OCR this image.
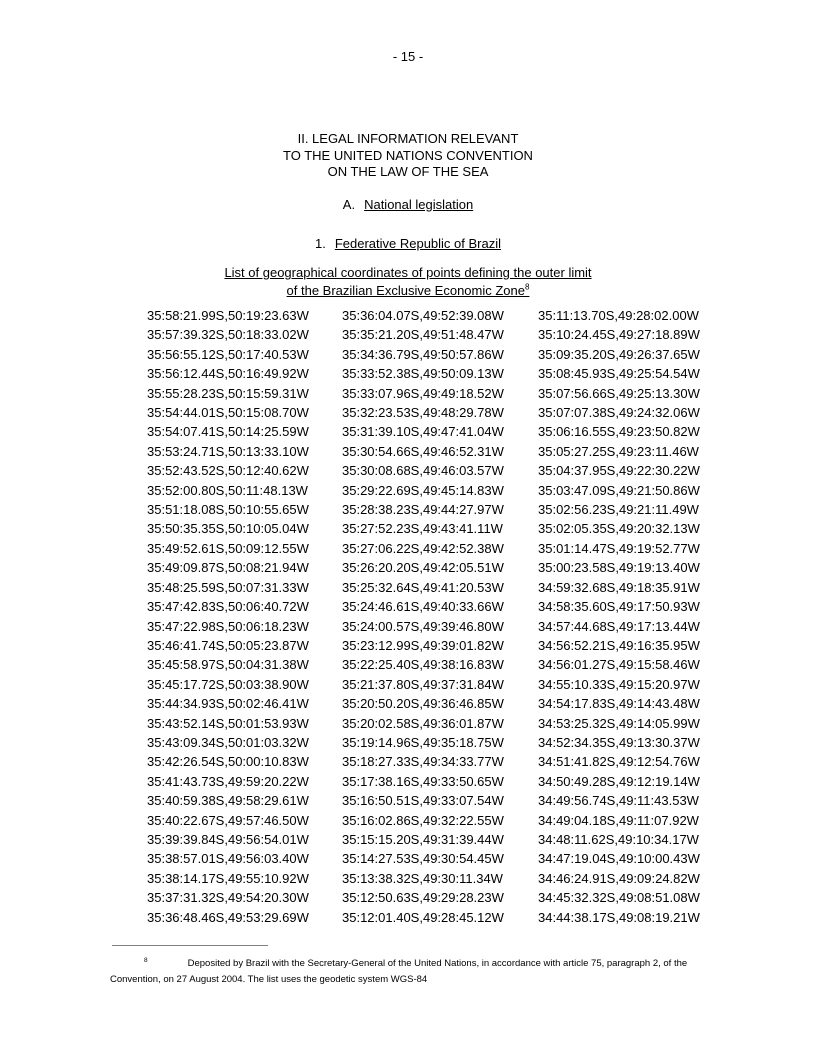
- 15 -
II. LEGAL INFORMATION RELEVANT
TO THE UNITED NATIONS CONVENTION
ON THE LAW OF THE SEA
A. National legislation
1. Federative Republic of Brazil
List of geographical coordinates of points defining the outer limit
of the Brazilian Exclusive Economic Zone$^8$
35:58:21.99S,50:19:23.63W
35:57:39.32S,50:18:33.02W
35:56:55.12S,50:17:40.53W
35:56:12.44S,50:16:49.92W
35:55:28.23S,50:15:59.31W
35:54:44.01S,50:15:08.70W
35:54:07.41S,50:14:25.59W
35:53:24.71S,50:13:33.10W
35:52:43.52S,50:12:40.62W
35:52:00.80S,50:11:48.13W
35:51:18.08S,50:10:55.65W
35:50:35.35S,50:10:05.04W
35:49:52.61S,50:09:12.55W
35:49:09.87S,50:08:21.94W
35:48:25.59S,50:07:31.33W
35:47:42.83S,50:06:40.72W
35:47:22.98S,50:06:18.23W
35:46:41.74S,50:05:23.87W
35:45:58.97S,50:04:31.38W
35:45:17.72S,50:03:38.90W
35:44:34.93S,50:02:46.41W
35:43:52.14S,50:01:53.93W
35:43:09.34S,50:01:03.32W
35:42:26.54S,50:00:10.83W
35:41:43.73S,49:59:20.22W
35:40:59.38S,49:58:29.61W
35:40:22.67S,49:57:46.50W
35:39:39.84S,49:56:54.01W
35:38:57.01S,49:56:03.40W
35:38:14.17S,49:55:10.92W
35:37:31.32S,49:54:20.30W
35:36:48.46S,49:53:29.69W
35:36:04.07S,49:52:39.08W
35:35:21.20S,49:51:48.47W
35:34:36.79S,49:50:57.86W
35:33:52.38S,49:50:09.13W
35:33:07.96S,49:49:18.52W
35:32:23.53S,49:48:29.78W
35:31:39.10S,49:47:41.04W
35:30:54.66S,49:46:52.31W
35:30:08.68S,49:46:03.57W
35:29:22.69S,49:45:14.83W
35:28:38.23S,49:44:27.97W
35:27:52.23S,49:43:41.11W
35:27:06.22S,49:42:52.38W
35:26:20.20S,49:42:05.51W
35:25:32.64S,49:41:20.53W
35:24:46.61S,49:40:33.66W
35:24:00.57S,49:39:46.80W
35:23:12.99S,49:39:01.82W
35:22:25.40S,49:38:16.83W
35:21:37.80S,49:37:31.84W
35:20:50.20S,49:36:46.85W
35:20:02.58S,49:36:01.87W
35:19:14.96S,49:35:18.75W
35:18:27.33S,49:34:33.77W
35:17:38.16S,49:33:50.65W
35:16:50.51S,49:33:07.54W
35:16:02.86S,49:32:22.55W
35:15:15.20S,49:31:39.44W
35:14:27.53S,49:30:54.45W
35:13:38.32S,49:30:11.34W
35:12:50.63S,49:29:28.23W
35:12:01.40S,49:28:45.12W
35:11:13.70S,49:28:02.00W
35:10:24.45S,49:27:18.89W
35:09:35.20S,49:26:37.65W
35:08:45.93S,49:25:54.54W
35:07:56.66S,49:25:13.30W
35:07:07.38S,49:24:32.06W
35:06:16.55S,49:23:50.82W
35:05:27.25S,49:23:11.46W
35:04:37.95S,49:22:30.22W
35:03:47.09S,49:21:50.86W
35:02:56.23S,49:21:11.49W
35:02:05.35S,49:20:32.13W
35:01:14.47S,49:19:52.77W
35:00:23.58S,49:19:13.40W
34:59:32.68S,49:18:35.91W
34:58:35.60S,49:17:50.93W
34:57:44.68S,49:17:13.44W
34:56:52.21S,49:16:35.95W
34:56:01.27S,49:15:58.46W
34:55:10.33S,49:15:20.97W
34:54:17.83S,49:14:43.48W
34:53:25.32S,49:14:05.99W
34:52:34.35S,49:13:30.37W
34:51:41.82S,49:12:54.76W
34:50:49.28S,49:12:19.14W
34:49:56.74S,49:11:43.53W
34:49:04.18S,49:11:07.92W
34:48:11.62S,49:10:34.17W
34:47:19.04S,49:10:00.43W
34:46:24.91S,49:09:24.82W
34:45:32.32S,49:08:51.08W
34:44:38.17S,49:08:19.21W

$^8$	Deposited by Brazil with the Secretary-General of the United Nations, in accordance with article 75, paragraph 2, of the
Convention, on 27 August 2004. The list uses the geodetic system WGS-84
